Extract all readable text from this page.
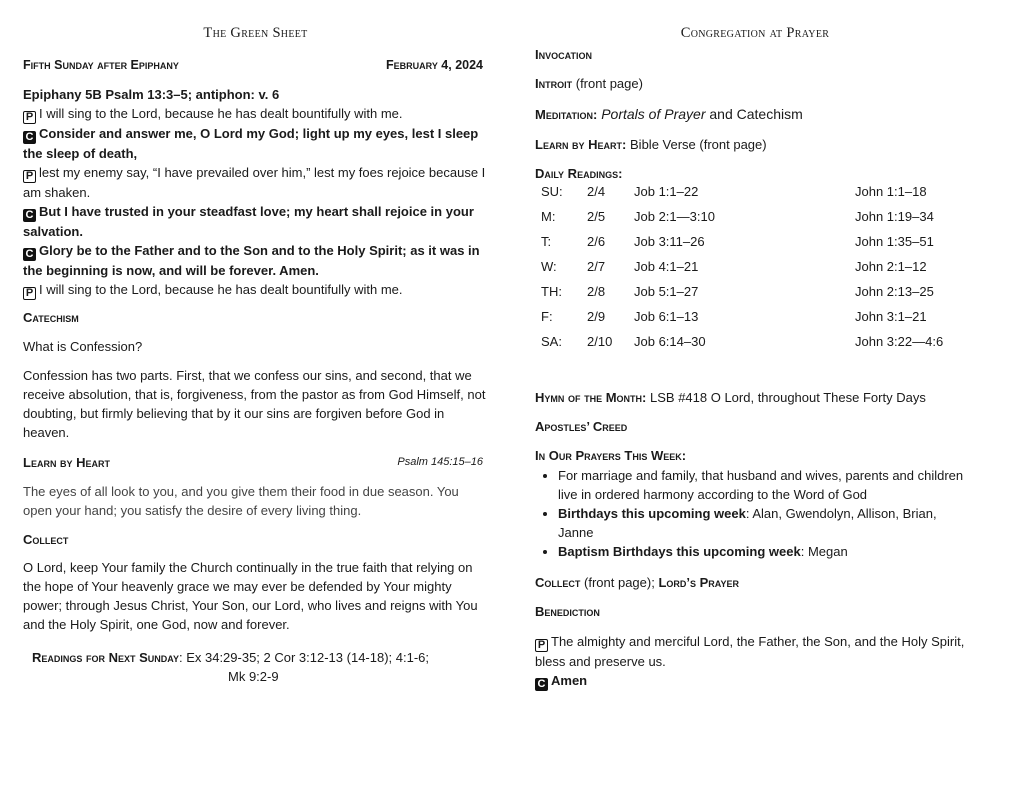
The Green Sheet
Fifth Sunday after Epiphany	February 4, 2024
Epiphany 5B Psalm 13:3–5; antiphon: v. 6
P I will sing to the Lord, because he has dealt bountifully with me.
C Consider and answer me, O Lord my God; light up my eyes, lest I sleep the sleep of death,
P lest my enemy say, “I have prevailed over him,” lest my foes rejoice because I am shaken.
C But I have trusted in your steadfast love; my heart shall rejoice in your salvation.
C Glory be to the Father and to the Son and to the Holy Spirit; as it was in the beginning is now, and will be forever. Amen.
P I will sing to the Lord, because he has dealt bountifully with me.
Catechism
What is Confession?
Confession has two parts. First, that we confess our sins, and second, that we receive absolution, that is, forgiveness, from the pastor as from God Himself, not doubting, but firmly believing that by it our sins are forgiven before God in heaven.
Learn by Heart	Psalm 145:15–16
The eyes of all look to you, and you give them their food in due season. You open your hand; you satisfy the desire of every living thing.
Collect
O Lord, keep Your family the Church continually in the true faith that relying on the hope of Your heavenly grace we may ever be defended by Your mighty power; through Jesus Christ, Your Son, our Lord, who lives and reigns with You and the Holy Spirit, one God, now and forever.
Readings for Next Sunday: Ex 34:29-35; 2 Cor 3:12-13 (14-18); 4:1-6;
Mk 9:2-9
Congregation at Prayer
Invocation
Introit (front page)
Meditation: Portals of Prayer and Catechism
Learn by Heart: Bible Verse (front page)
Daily Readings:
SU:	2/4	Job 1:1–22	John 1:1–18
M:	2/5	Job 2:1—3:10	John 1:19–34
T:	2/6	Job 3:11–26	John 1:35–51
W:	2/7	Job 4:1–21	John 2:1–12
TH:	2/8	Job 5:1–27	John 2:13–25
F:	2/9	Job 6:1–13	John 3:1–21
SA:	2/10	Job 6:14–30	John 3:22—4:6
Hymn of the Month: LSB #418 O Lord, throughout These Forty Days
Apostles’ Creed
In Our Prayers This Week:
• For marriage and family, that husband and wives, parents and children live in ordered harmony according to the Word of God
• Birthdays this upcoming week: Alan, Gwendolyn, Allison, Brian, Janne
• Baptism Birthdays this upcoming week: Megan
Collect (front page); Lord’s Prayer
Benediction
P The almighty and merciful Lord, the Father, the Son, and the Holy Spirit, bless and preserve us.
C Amen
